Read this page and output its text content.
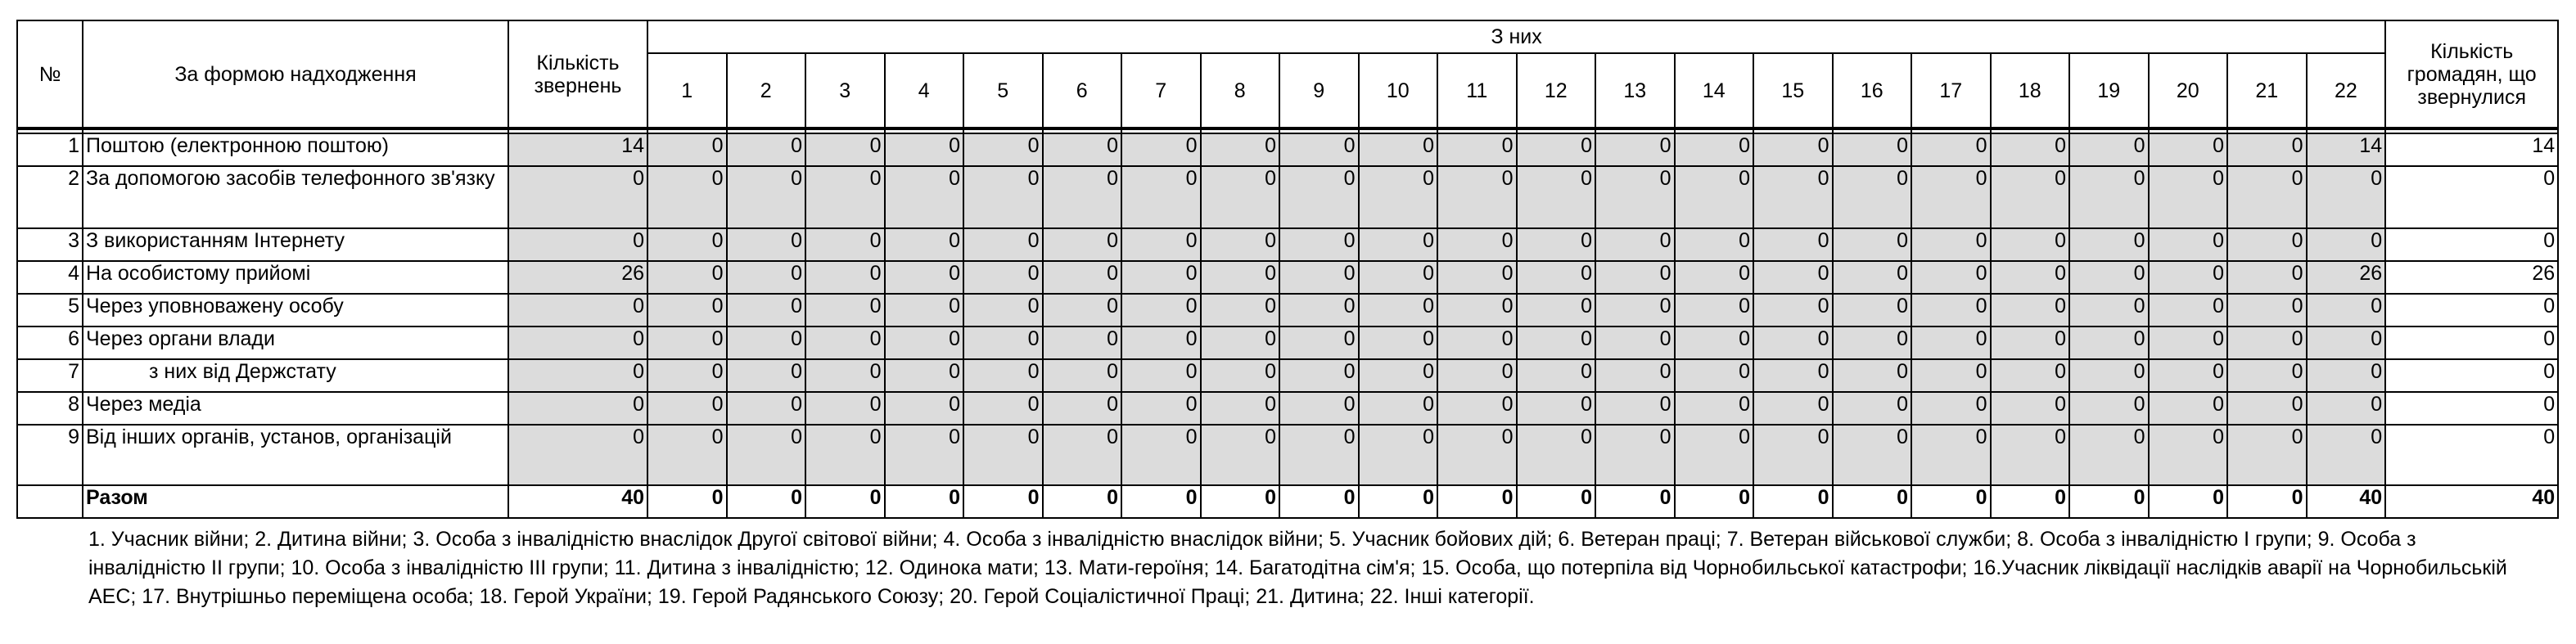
№	За формою надходження	Кількість звернень	З них																						Кількість громадян, що звернулися
			1	2	3	4	5	6	7	8	9	10	11	12	13	14	15	16	17	18	19	20	21	22	

1	Поштою (електронною поштою)	14	0	0	0	0	0	0	0	0	0	0	0	0	0	0	0	0	0	0	0	0	0	14	14
2	За допомогою засобів телефонного зв'язку	0	0	0	0	0	0	0	0	0	0	0	0	0	0	0	0	0	0	0	0	0	0	0	0
3	З використанням Інтернету	0	0	0	0	0	0	0	0	0	0	0	0	0	0	0	0	0	0	0	0	0	0	0	0
4	На особистому прийомі	26	0	0	0	0	0	0	0	0	0	0	0	0	0	0	0	0	0	0	0	0	0	26	26
5	Через уповноважену особу	0	0	0	0	0	0	0	0	0	0	0	0	0	0	0	0	0	0	0	0	0	0	0	0
6	Через органи влади	0	0	0	0	0	0	0	0	0	0	0	0	0	0	0	0	0	0	0	0	0	0	0	0
7	з них від Держстату	0	0	0	0	0	0	0	0	0	0	0	0	0	0	0	0	0	0	0	0	0	0	0	0
8	Через медіа	0	0	0	0	0	0	0	0	0	0	0	0	0	0	0	0	0	0	0	0	0	0	0	0
9	Від інших органів, установ, організацій	0	0	0	0	0	0	0	0	0	0	0	0	0	0	0	0	0	0	0	0	0	0	0	0
	Разом	40	0	0	0	0	0	0	0	0	0	0	0	0	0	0	0	0	0	0	0	0	0	40	40
1. Учасник війни; 2. Дитина війни; 3. Особа з інвалідністю внаслідок Другої світової війни; 4. Особа з інвалідністю внаслідок війни; 5. Учасник бойових дій; 6. Ветеран праці; 7. Ветеран військової служби; 8. Особа з інвалідністю І групи; 9. Особа з інвалідністю ІІ групи; 10. Особа з інвалідністю ІІІ групи; 11. Дитина з інвалідністю; 12. Одинока мати; 13. Мати-героїня; 14. Багатодітна сім'я; 15. Особа, що потерпіла від Чорнобильської катастрофи; 16.Учасник ліквідації наслідків аварії на Чорнобильській АЕС; 17. Внутрішньо переміщена особа; 18. Герой України; 19. Герой Радянського Союзу; 20. Герой Соціалістичної Праці; 21. Дитина; 22. Інші категорії.
